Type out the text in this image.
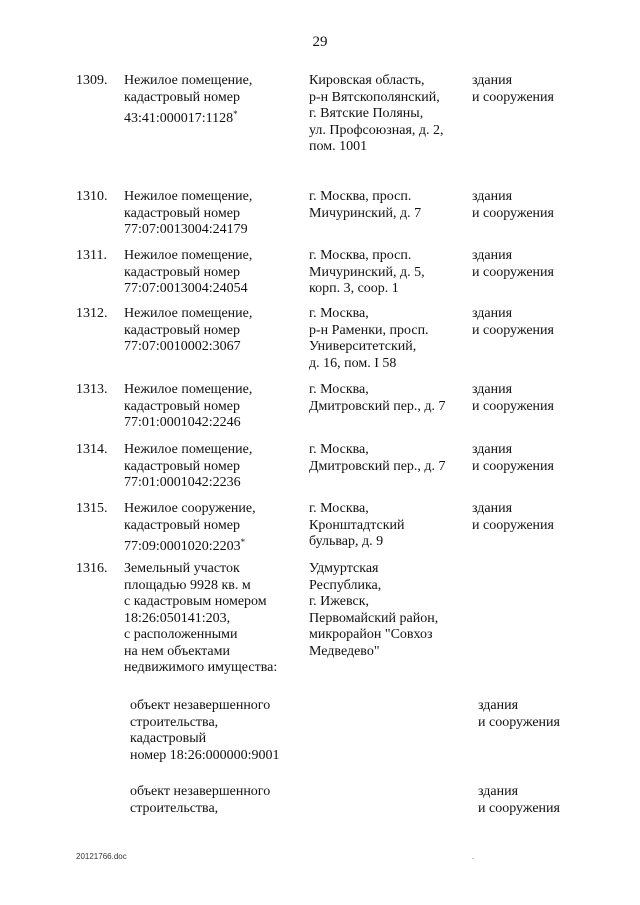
29
1309. Нежилое помещение,
кадастровый номер
43:41:000017:1128*
Кировская область,
р-н Вятскополянский,
г. Вятские Поляны,
ул. Профсоюзная, д. 2,
пом. 1001
здания
и сооружения
1310. Нежилое помещение,
кадастровый номер
77:07:0013004:24179
г. Москва, просп.
Мичуринский, д. 7
здания
и сооружения
1311. Нежилое помещение,
кадастровый номер
77:07:0013004:24054
г. Москва, просп.
Мичуринский, д. 5,
корп. 3, соор. 1
здания
и сооружения
1312. Нежилое помещение,
кадастровый номер
77:07:0010002:3067
г. Москва,
р-н Раменки, просп.
Университетский,
д. 16, пом. I 58
здания
и сооружения
1313. Нежилое помещение,
кадастровый номер
77:01:0001042:2246
г. Москва,
Дмитровский пер., д. 7
здания
и сооружения
1314. Нежилое помещение,
кадастровый номер
77:01:0001042:2236
г. Москва,
Дмитровский пер., д. 7
здания
и сооружения
1315. Нежилое сооружение,
кадастровый номер
77:09:0001020:2203*
г. Москва,
Кронштадтский
бульвар, д. 9
здания
и сооружения
1316. Земельный участок
площадью 9928 кв. м
с кадастровым номером
18:26:050141:203,
с расположенными
на нем объектами
недвижимого имущества:
Удмуртская
Республика,
г. Ижевск,
Первомайский район,
микрорайон "Совхоз
Медведево"
объект незавершенного
строительства,
кадастровый
номер 18:26:000000:9001
здания
и сооружения
объект незавершенного
строительства,
здания
и сооружения
20121766.doc	.
